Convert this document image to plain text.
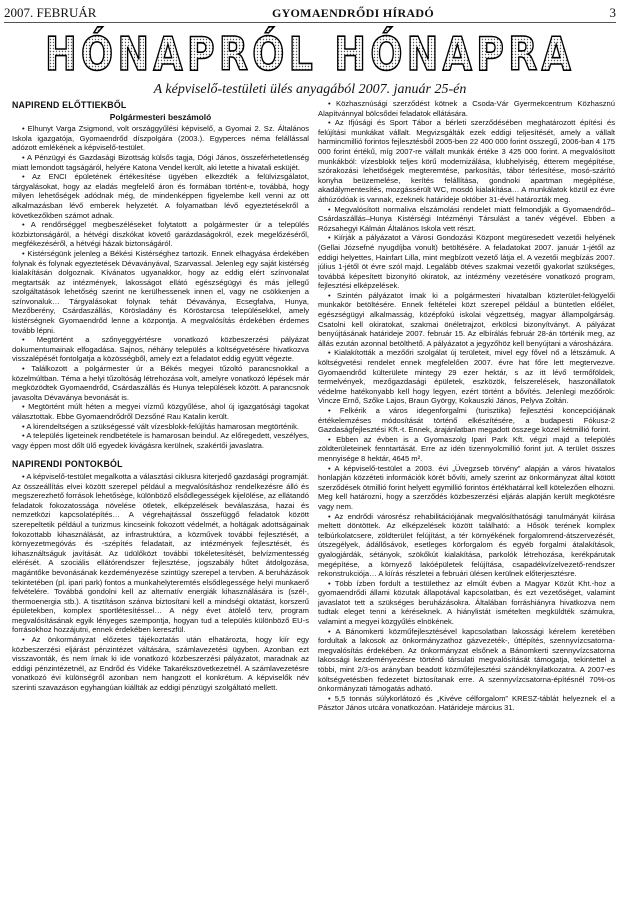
2007. FEBRUÁR	GYOMAENDRŐDI HÍRADÓ	3
HÓNAPRÓL HÓNAPRA
A képviselő-testületi ülés anyagából 2007. január 25-én
NAPIREND ELŐTTIEKBŐL
Polgármesteri beszámoló

• Elhunyt Varga Zsigmond, volt országgyűlési képviselő, a Gyomai 2. Sz. Általános Iskola igazgatója, Gyomaendrőd díszpolgára (2003.). Egyperces néma felállással adózott emlékének a képviselő-testület.

• A Pénzügyi és Gazdasági Bizottság külsős tagja, Dógi János, összeférhetetlenség miatt lemondott tagságáról, helyére Katona Vendel került, aki letette a hivatali esküjét.

• Az ENCI épületének értékesítése ügyében elkezdték a felülvizsgálatot, tárgyalásokat, hogy az eladás megfelelő áron és formában történt-e, továbbá, hogy milyen lehetőségek adódnak még, de mindenképpen figyelembe kell venni az ott alkalmazásban lévő emberek helyzetét. A folyamatban lévő egyeztetésekről a következőkben számot adnak.

• A rendőrséggel megbeszéléseket folytatott a polgármester úr a település közbiztonságáról, a hétvégi diszkókat követő garázdaságokról, ezek megelőzéséről, megfékezéséről, a hétvégi házak biztonságáról.

• Kistérségünk jelenleg a Békési Kistérséghez tartozik. Ennek elhagyása érdekében folynak és folynak egyeztetések Dévaványával, Szarvassal. Jelenleg egy saját kistérség kialakításán dolgoznak. Kívánatos ugyanakkor, hogy az eddig elért színvonalat megtartsák az intézmények, lakosságot ellátó egészségügyi és más jellegű szolgáltatások lehetőség szerint ne kerülhessenek innen el, vagy ne csökkenjen a színvonaluk… Tárgyalásokat folynak tehát Dévaványa, Ecsegfalva, Hunya, Mezőberény, Csárdaszállás, Körösladány és Köröstarcsa településekkel, amely kistérségnek Gyomaendrőd lenne a központja. A megvalósítás érdekében érdemes tovább lépni.

• Megtörtént a szőnyeggyértésre vonatkozó közbeszerzési pályázat dokumentumainak elfogadása. Sajnos, néhány település a költségvetésére hivatkozva visszalépését fontolgatja a közösségből, amely ezt a feladatot eddig együtt végezte.

• Találkozott a polgármester úr a Békés megyei tűzoltó parancsnokkal a közelmúltban. Téma a helyi tűzoltóság létrehozása volt, amelyre vonatkozó lépések már megközödtek Gyomaendrőd, Csárdaszállás és Hunya települések között. A parancsnok javasolta Dévaványa bevonását is.

• Megtörtént múlt héten a megyei vízmű közgyűlése, ahol új igazgatósági tagokat választottak. Ebbe Gyomaendrődről Dezsőné Rau Katalin került.

• A kirendeltségen a szükségessé vált vízesblokk-felújítás hamarosan megtörténik.

• A település ligeteinek rendbetétele is hamarosan beindul. Az előregedett, veszélyes, vagy éppen most dőlt ülő egyedek kivágásra kerülnek, szakértői javaslatra.

NAPIRENDI PONTOKBÓL

• A képviselő-testület megalkotta a választási ciklusra kiterjedő gazdasági programját. Az összeállítás elvei között szerepel például a megvalósításhoz rendelkezésre álló és megszerezhető források lehetősége, különböző elsődlegességek kijelölése, az ellátandó feladatok fokozatossága növelése ötletek, elképzelések beválaszása, hazai és nemzetközi kapcsolatépítés… A végrehajtással összefüggő feladatok között szerepeltetik például a turizmus kincseink fokozott védelmét, a holtágak adottságainak fokozottabb kihasználását, az infrastruktúra, a közművek további fejlesztését, a környezetmegóvás és -szépítés feladatait, az intézmények fejlesztését, és kihasználtságuk javítását. Az üdülőközt további tökéletesítését, belvízmentesség elérését. A szociális ellátórendszer fejlesztése, jogszabály hűtet átdolgozása, magántőke bevonásának kezdeményezése szintügy szerepel a tervben. A beruházások tekintetében (pl. ipari park) fontos a munkahelyteremtés elsődlegessége helyi munkaerő felvételére. Továbbá gondolni kell az alternatív energiák kihasználására is (szél-, thermoenergia stb.). A tisztításon szánva biztosítani kell a mindségi oktatást, korszerű épületekben, komplex sportlétesítéssel… A négy évet átölelő terv, program megvalósításának egyik lényeges szempontja, hogyan tud a település különböző EU-s forrásokhoz hozzájutni, ennek érdekében kereszfül.

• Az önkormányzat előzetes tájékoztatás után elhatározta, hogy kiír egy közbeszerzési eljárást pénzintézet váltására, számlavezetési ügyben. Azonban ezt visszavonták, és nem írnak ki ide vonatkozó közbeszerzési pályázatot, maradnak az eddigi pénzintézetnél, az Endrőd és Vidéke Takarékszövetkezetnél. A számlavezetésre vonatkozó évi különségről azonban nem hangzott el konkrétum. A képviselők név szerinti szavazáson egyhangúan kiállták az eddigi pénzügyi szolgáltató mellett.

• Közhasznúsági szerződést kötnek a Csoda-Vár Gyermekcentrum Közhasznú Alapítvánnyal bölcsődei feladatok ellátására.

• Az Ifjúsági és Sport Tábor a bérleti szerződésében meghatározott építési és felújítási munkákat vállalt. Megvizsgálták ezek eddigi teljesítését, amely a vállalt harmincmillió forintos fejlesztésből 2005-ben 22 400 000 forint összegű, 2006-ban 4 175 000 forint értékű, míg 2007-re vállalt munkák értéke 3 425 000 forint. A megvalósított munkákból: vízesblokk teljes körű modernizálása, klubhelyiség, étterem megépítése, szórakozási lehetőségek megteremtése, parkosítás, tábor térlesítése, mosó-szárító konyha beüzemelése, kerítés felállítása, gondnoki apartman megépítése, akadálymentesítés, mozgássérült WC, mosdó kialakítása… A munkálatok közül ez évre áthúzódóak is vannak, ezeknek határideje október 31-évél határozták meg.

• Megvalósított normaliva elszámolási rendelet miatt felmondják a Gyomaendrőd–Csárdaszállás–Hunya Kistérségi Intézményi Társulást a tanév végével. Ebben a Rózsahegyi Kálmán Általános Iskola vett részt.

• Kiírják a pályázatot a Városi Gondozási Központ megüresedett vezetői helyének (Gellai Józsefné nyugdíjba vonult) betöltésére. A feladatokat 2007. január 1-jétől az eddigi helyettes, Hainfart Lilla, mint megbízott vezető látja el. A vezetői megbízás 2007. július 1-jétől öt évre szól majd. Legalább ötéves szakmai vezetői gyakorlat szükséges, továbbá képesített bizonyító okiratok, az intézmény vezetésére vonatkozó program, fejlesztési elképzelések.

• Szintén pályázatot írnak ki a polgármesteri hivatalban közterület-felügyelői munkakör betöltésére. Ennek feltételei közt szerepel például a büntetlen előélet, egészségügyi alkalmasság, középfokú iskolai végzettség, magyar állampolgárság. Csatolni kell okiratokat, szakmai önéletrajzot, erkölcsi bizonyítványt. A pályázat benyújtásának határideje 2007. február 15. Az elbírálás február 28-án történik meg, az állás ezután azonnal betölthető. A pályázatot a jegyzőhöz kell benyújtani a városházára.

• Kialakították a mezőőri szolgálat új területeit, mivel egy fővel nő a létszámuk. A költségvetési rendelet ennek megfelelően 2007. évre hat főre lett megtervezve. Gyomaendrőd külterülete mintegy 29 ezer hektár, s az itt lévő termőföldek, termelvények, mezőgazdasági épületek, eszközök, felszerelések, haszonállatok védelme hatékonyabb kell hogy legyen, ezért történt a bővítés. Jelenlegi mezőőrök: Vincze Ernő, Szőke Lajos, Braun György, Kokauszki János, Pelyva Zoltán.

• Felkérik a város idegenforgalmi (turisztika) fejlesztési koncepciójának értékelemzéses módosítását történő elkészítésére, a budapesti Fókusz-2 Gazdaságfejlesztési Kft.-t. Ennek, árajánlatban megadott összege közel kétmillió forint.

• Ebben az évben is a Gyomaszolg Ipari Park Kft. végzi majd a település zöldterületeinek fenntartását. Erre az idén tizennyolcmillió forint jut. A terület összes mennyisége 8 hektár, 4645 m².

• A képviselő-testület a 2003. évi „Üvegzseb törvény” alapján a város hivatalos honlapján közzéteti információk körét bővíti, amely szerint az önkormányzat által kötött szerződések ötmillió forint helyett egymillió forintos értékhatárral kell kötelezően elhozni. Meg kell határozni, hogy a szerződés közbeszerzési eljárás alapján került megkötésre vagy nem.

• Az endrődi városrész rehabilitációjának megvalósíthatósági tanulmányát kiírása meltett döntöttek. Az elképzelések között található: a Hősök terének komplex telbúrkolatcsere, zöldterület felújítást, a tér környékének forgalomrend-átszervezését, útszegélyek, ádállősávok, esetleges körforgalom és egyéb forgalmi átalakítások, gyalogjárdák, sétányok, szökőkút kialakítása, parkolók létrehozása, kerékpárutak megépítése, a környező lakóépületek felújítása, csapadékvízelvezető-rendszer rekonstrukciója… A kiírás részletei a februári ülésen kerülnek előterjesztésre.

• Több ízben fordult a testülethez az elmúlt évben a Magyar Közút Kht.-hoz a gyomaendrődi állami közutak állapotával kapcsolatban, és ezt vezetőséget, valamint javaslatot tett a szükséges beruházásokra. Általában forráshiányra hivatkozva nem tudtak eleget tenni a kéréseknek. A hiánylistát ismételten megküldték számukra, valamint a megyei közgyűlés elnökének.

• A Bánomkerti közműfejlesztésével kapcsolatban lakossági kérelem keretében fordultak a lakosok az önkormányzathoz gázvezeték-, úttépítés, szennyvízcsatorna-megvalósítás érdekében. Az önkormányzat elsőnek a Bánomkerti szennyvízcsatorna lakossági kezdeményezésre történő társulati megvalósítását támogatja, tekintettel a többi, mint 2/3-os arányban beadott közműfejlesztési szándéknyilatkozatra. A 2007-es költségvetésben fedezetet biztosítanak erre. A szennyvízcsatorna-építésnél 70%-os önkormányzati támogatás adható.

• 5,5 tonnás súlykorlátozó és „Kivéve célforgalom” KRESZ-táblát helyeznek el a Pásztor János utcára vonatkozóan. Határideje március 31.
